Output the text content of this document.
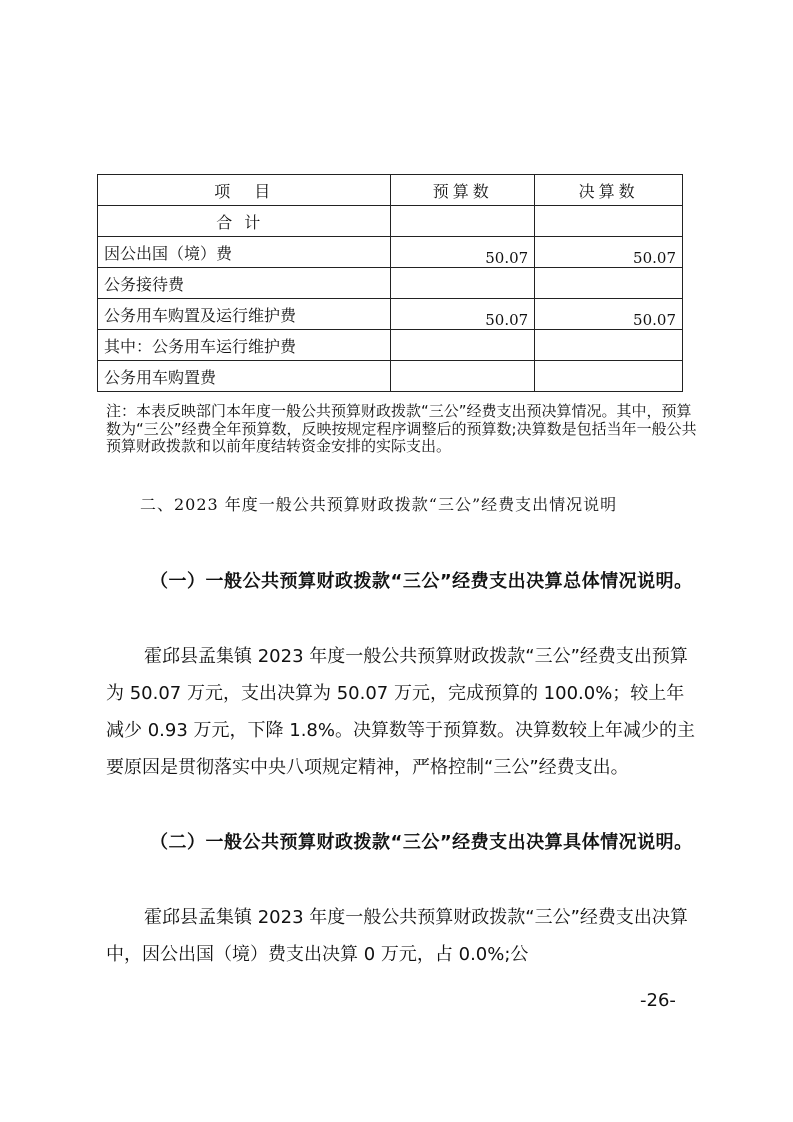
项　目	预算数	决算数
合计		
因公出国（境）费	50.07	50.07
公务接待费		
公务用车购置及运行维护费	50.07	50.07
其中：公务用车运行维护费		
公务用车购置费		

注：本表反映部门本年度一般公共预算财政拨款“三公”经费支出预决算情况。其中，预算数为“三公”经费全年预算数，反映按规定程序调整后的预算数;决算数是包括当年一般公共预算财政拨款和以前年度结转资金安排的实际支出。

二、2023 年度一般公共预算财政拨款“三公”经费支出情况说明

（一）一般公共预算财政拨款“三公”经费支出决算总体情况说明。

霍邱县孟集镇 2023 年度一般公共预算财政拨款“三公”经费支出预算为 50.07 万元，支出决算为 50.07 万元，完成预算的 100.0%；较上年减少 0.93 万元，下降 1.8%。决算数等于预算数。决算数较上年减少的主要原因是贯彻落实中央八项规定精神，严格控制“三公”经费支出。

（二）一般公共预算财政拨款“三公”经费支出决算具体情况说明。

霍邱县孟集镇 2023 年度一般公共预算财政拨款“三公”经费支出决算中，因公出国（境）费支出决算 0 万元，占 0.0%;公

-26-
